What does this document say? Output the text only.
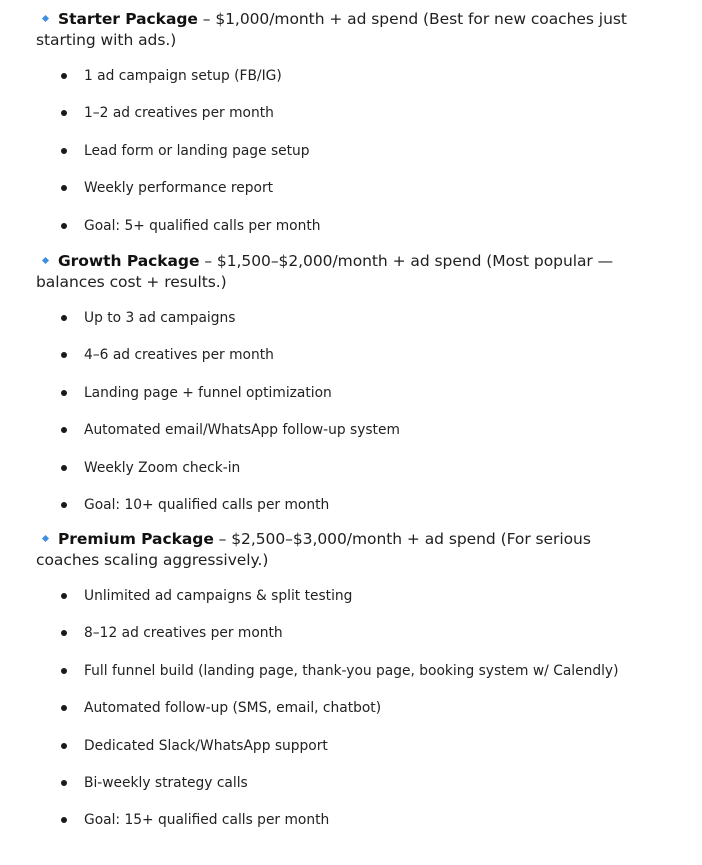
Starter Package – $1,000/month + ad spend (Best for new coaches just starting with ads.)

1 ad campaign setup (FB/IG)
1–2 ad creatives per month
Lead form or landing page setup
Weekly performance report
Goal: 5+ qualified calls per month

Growth Package – $1,500–$2,000/month + ad spend (Most popular — balances cost + results.)

Up to 3 ad campaigns
4–6 ad creatives per month
Landing page + funnel optimization
Automated email/WhatsApp follow-up system
Weekly Zoom check-in
Goal: 10+ qualified calls per month

Premium Package – $2,500–$3,000/month + ad spend (For serious coaches scaling aggressively.)

Unlimited ad campaigns & split testing
8–12 ad creatives per month
Full funnel build (landing page, thank-you page, booking system w/ Calendly)
Automated follow-up (SMS, email, chatbot)
Dedicated Slack/WhatsApp support
Bi-weekly strategy calls
Goal: 15+ qualified calls per month
